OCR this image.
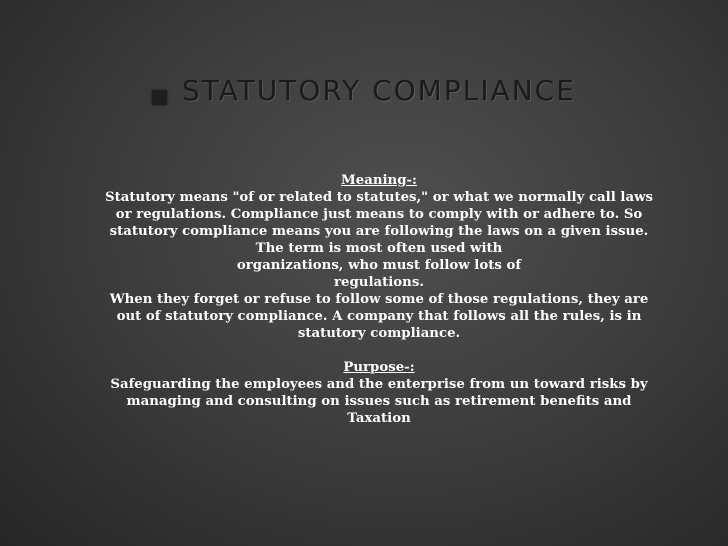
STATUTORY COMPLIANCE

Meaning-:

Statutory means "of or related to statutes," or what we normally call laws or regulations. Compliance just means to comply with or adhere to. So statutory compliance means you are following the laws on a given issue.

The term is most often used with organizations, who must follow lots of regulations.

When they forget or refuse to follow some of those regulations, they are out of statutory compliance. A company that follows all the rules, is in statutory compliance.

Purpose-:

Safeguarding the employees and the enterprise from un toward risks by managing and consulting on issues such as retirement benefits and Taxation
